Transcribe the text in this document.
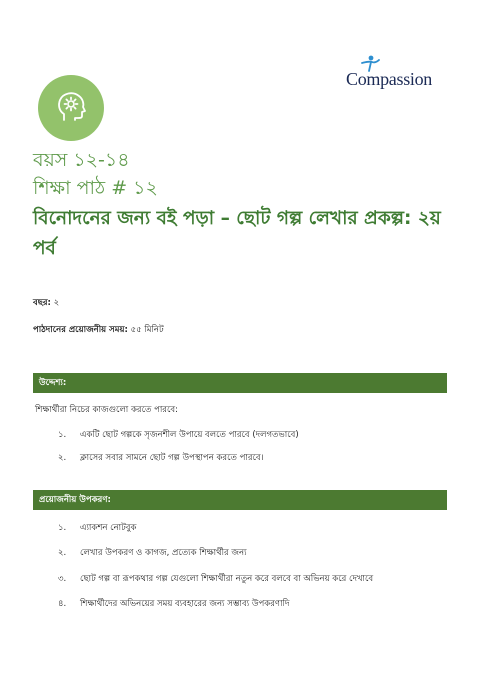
Compassion
বয়স ১২-১৪
শিক্ষা পাঠ # ১২
বিনোদনের জন্য বই পড়া – ছোট গল্প লেখার প্রকল্প: ২য় পর্ব
বছর: ২
পাঠদানের প্রয়োজনীয় সময়: ৫৫ মিনিট
উদ্দেশ্য:
শিক্ষার্থীরা নিচের কাজগুলো করতে পারবে:
১. একটি ছোট গল্পকে সৃজনশীল উপায়ে বলতে পারবে (দলগতভাবে)
২. ক্লাসের সবার সামনে ছোট গল্প উপস্থাপন করতে পারবে।
প্রয়োজনীয় উপকরণ:
১. এ্যাকশন নোটবুক
২. লেখার উপকরণ ও কাগজ, প্রত্যেক শিক্ষার্থীর জন্য
৩. ছোট গল্প বা রূপকথার গল্প যেগুলো শিক্ষার্থীরা নতুন করে বলবে বা অভিনয় করে দেখাবে
৪. শিক্ষার্থীদের অভিনয়ের সময় ব্যবহারের জন্য সম্ভাব্য উপকরণাদি
